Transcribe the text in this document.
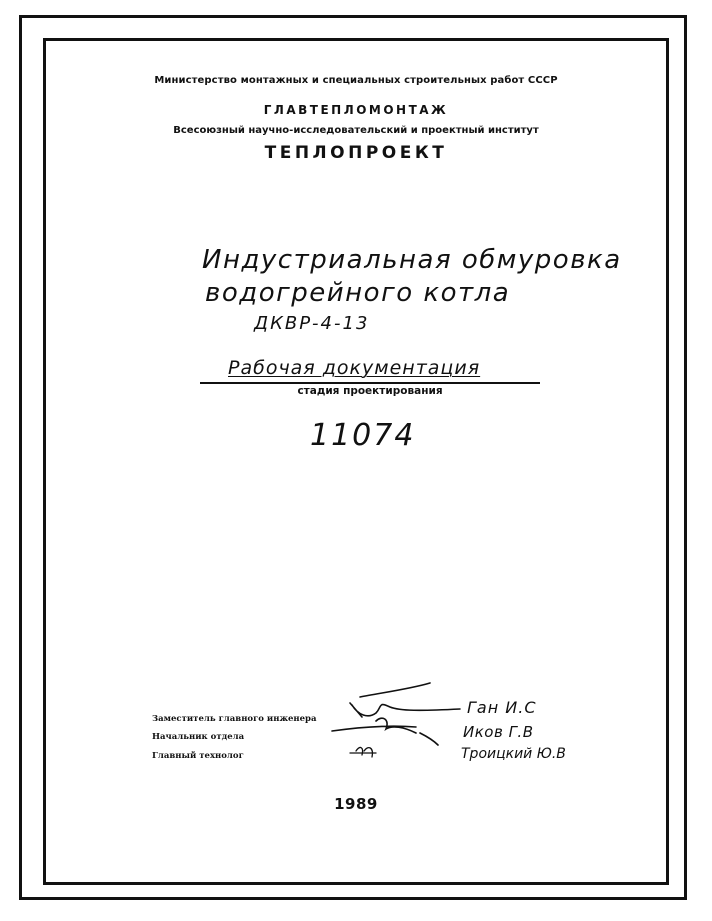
Министерство монтажных и специальных строительных работ СССР
ГЛАВТЕПЛОМОНТАЖ
Всесоюзный научно-исследовательский и проектный институт
ТЕПЛОПРОЕКТ
Индустриальная обмуровка
водогрейного котла
ДКВР-4-13
Рабочая документация
стадия проектирования
11074
Заместитель главного инженера
Начальник отдела
Главный технолог
Ган И.С
Иков Г.В
Троицкий Ю.В
1989
